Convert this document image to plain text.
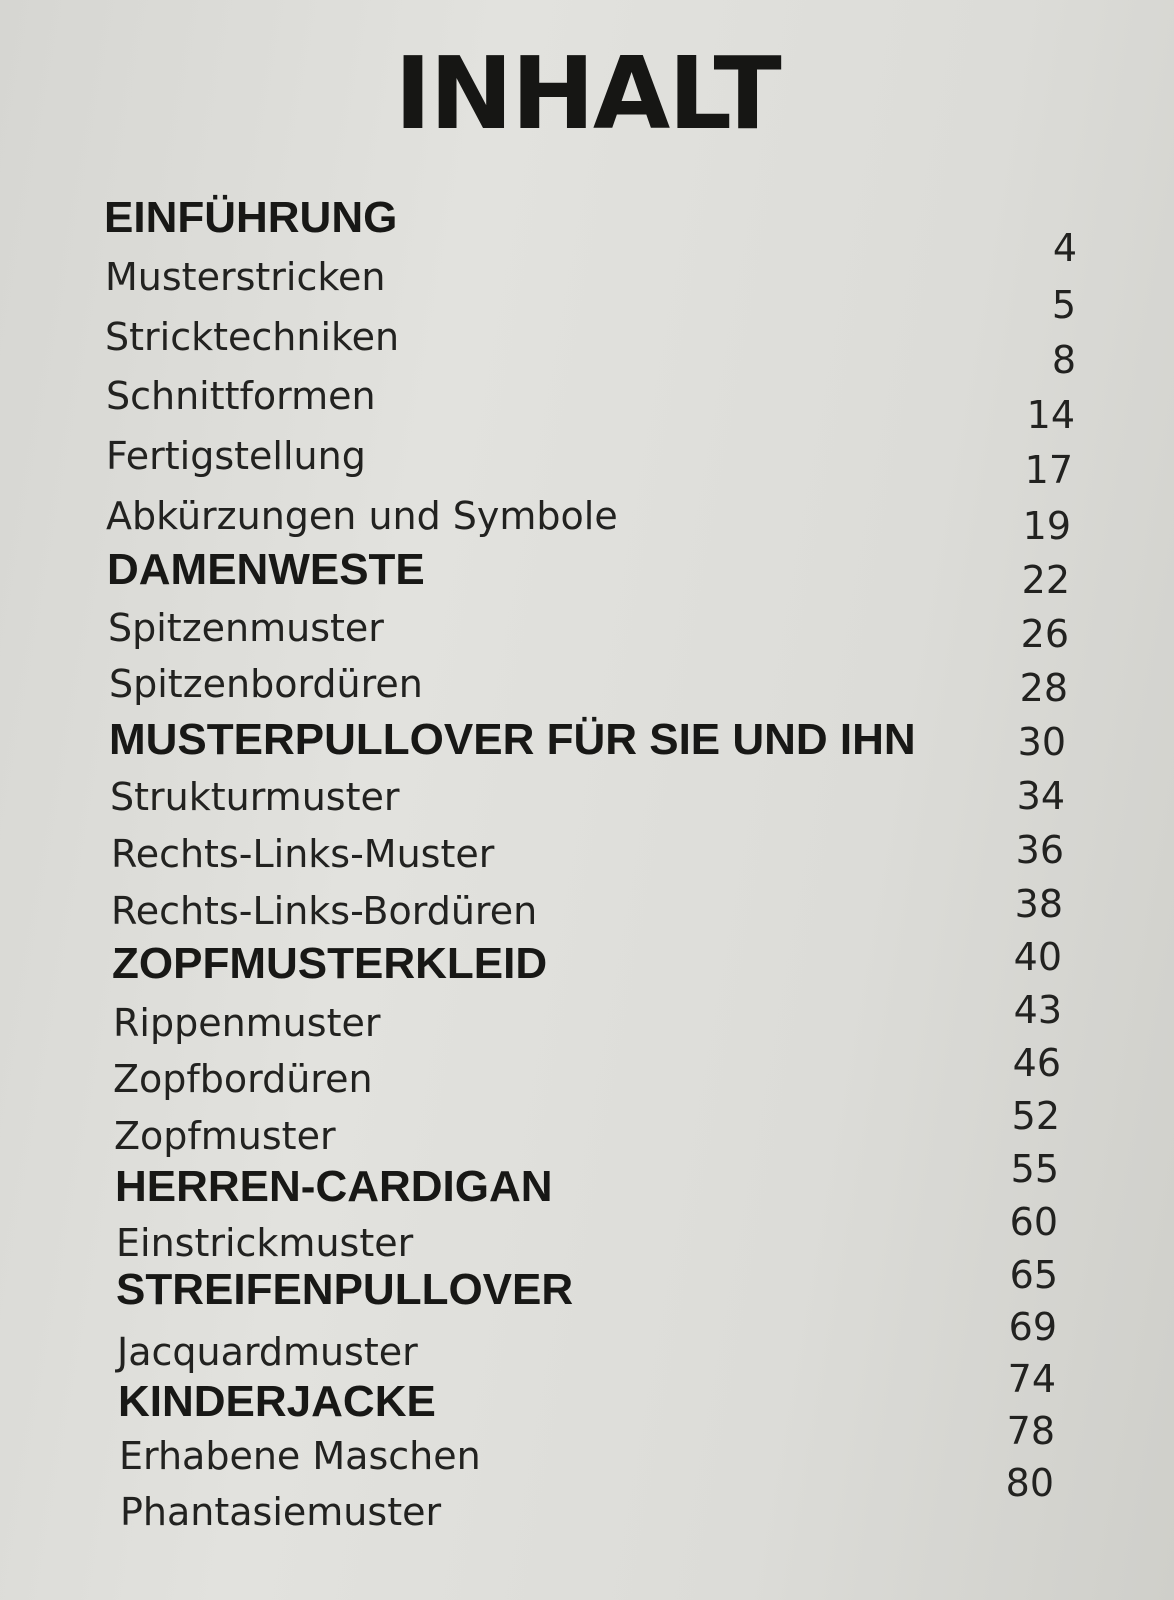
INHALT
EINFÜHRUNG
Musterstricken
Stricktechniken
Schnittformen
Fertigstellung
Abkürzungen und Symbole
DAMENWESTE
Spitzenmuster
Spitzenbordüren
MUSTERPULLOVER FÜR SIE UND IHN
Strukturmuster
Rechts-Links-Muster
Rechts-Links-Bordüren
ZOPFMUSTERKLEID
Rippenmuster
Zopfbordüren
Zopfmuster
HERREN-CARDIGAN
Einstrickmuster
STREIFENPULLOVER
Jacquardmuster
KINDERJACKE
Erhabene Maschen
Phantasiemuster
4
5
8
14
17
19
22
26
28
30
34
36
38
40
43
46
52
55
60
65
69
74
78
80
